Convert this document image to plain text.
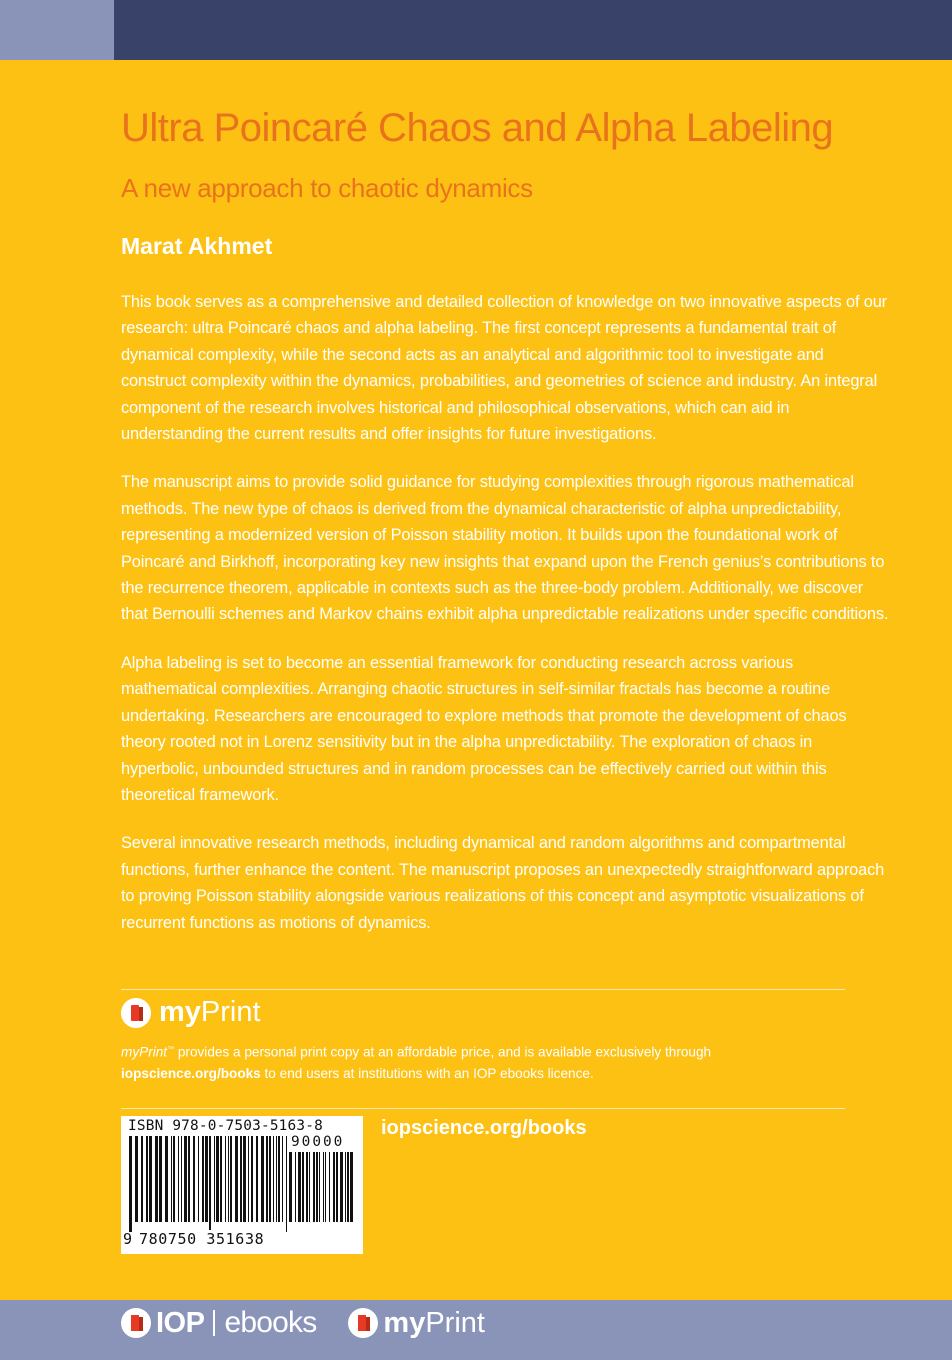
Ultra Poincaré Chaos and Alpha Labeling
A new approach to chaotic dynamics
Marat Akhmet

This book serves as a comprehensive and detailed collection of knowledge on two innovative aspects of our research: ultra Poincaré chaos and alpha labeling. The first concept represents a fundamental trait of dynamical complexity, while the second acts as an analytical and algorithmic tool to investigate and construct complexity within the dynamics, probabilities, and geometries of science and industry. An integral component of the research involves historical and philosophical observations, which can aid in understanding the current results and offer insights for future investigations.

The manuscript aims to provide solid guidance for studying complexities through rigorous mathematical methods. The new type of chaos is derived from the dynamical characteristic of alpha unpredictability, representing a modernized version of Poisson stability motion. It builds upon the foundational work of Poincaré and Birkhoff, incorporating key new insights that expand upon the French genius’s contributions to the recurrence theorem, applicable in contexts such as the three-body problem. Additionally, we discover that Bernoulli schemes and Markov chains exhibit alpha unpredictable realizations under specific conditions.

Alpha labeling is set to become an essential framework for conducting research across various mathematical complexities. Arranging chaotic structures in self-similar fractals has become a routine undertaking. Researchers are encouraged to explore methods that promote the development of chaos theory rooted not in Lorenz sensitivity but in the alpha unpredictability. The exploration of chaos in hyperbolic, unbounded structures and in random processes can be effectively carried out within this theoretical framework.

Several innovative research methods, including dynamical and random algorithms and compartmental functions, further enhance the content. The manuscript proposes an unexpectedly straightforward approach to proving Poisson stability alongside various realizations of this concept and asymptotic visualizations of recurrent functions as motions of dynamics.

my Print
myPrint™ provides a personal print copy at an affordable price, and is available exclusively through
iopscience.org/books to end users at institutions with an IOP ebooks licence.
ISBN 978-0-7503-5163-8
90000
9 780750 351638
iopscience.org/books
IOP ebooks my Print
